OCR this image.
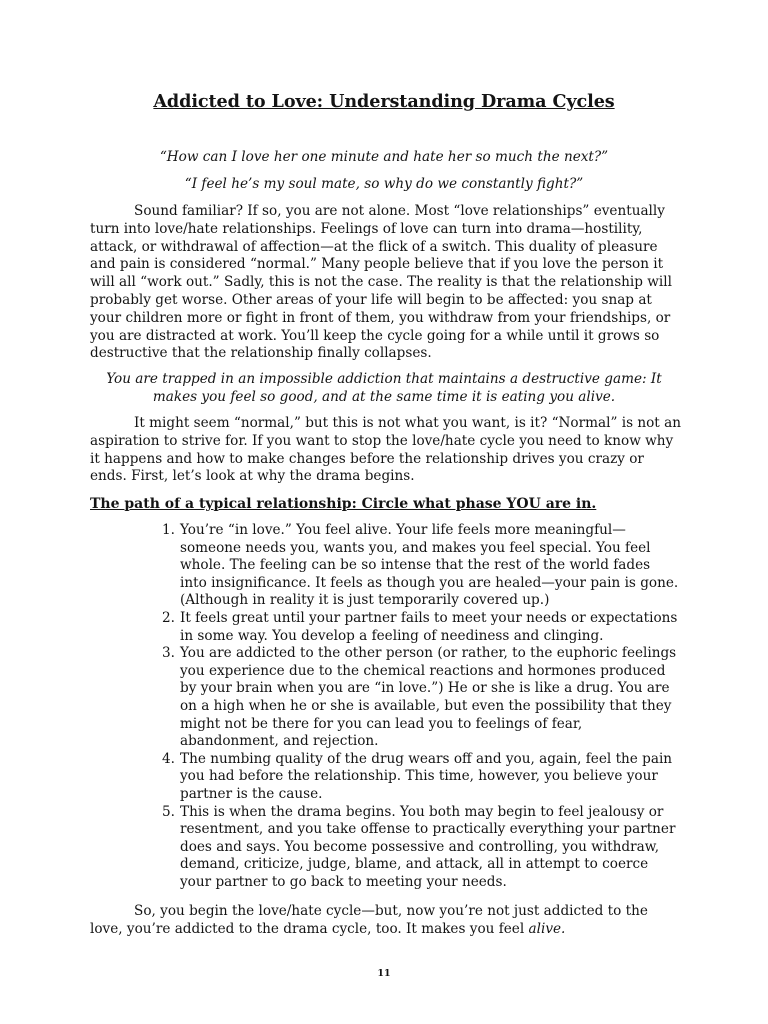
Addicted to Love: Understanding Drama Cycles
“How can I love her one minute and hate her so much the next?”
“I feel he’s my soul mate, so why do we constantly fight?”

Sound familiar? If so, you are not alone. Most “love relationships” eventually turn into love/hate relationships. Feelings of love can turn into drama—hostility, attack, or withdrawal of affection—at the flick of a switch. This duality of pleasure and pain is considered “normal.” Many people believe that if you love the person it will all “work out.” Sadly, this is not the case. The reality is that the relationship will probably get worse. Other areas of your life will begin to be affected: you snap at your children more or fight in front of them, you withdraw from your friendships, or you are distracted at work. You’ll keep the cycle going for a while until it grows so destructive that the relationship finally collapses.

You are trapped in an impossible addiction that maintains a destructive game: It makes you feel so good, and at the same time it is eating you alive.

It might seem “normal,” but this is not what you want, is it? “Normal” is not an aspiration to strive for. If you want to stop the love/hate cycle you need to know why it happens and how to make changes before the relationship drives you crazy or ends. First, let’s look at why the drama begins.

The path of a typical relationship: Circle what phase YOU are in.
1. You’re “in love.” You feel alive. Your life feels more meaningful—someone needs you, wants you, and makes you feel special. You feel whole. The feeling can be so intense that the rest of the world fades into insignificance. It feels as though you are healed—your pain is gone. (Although in reality it is just temporarily covered up.)
2. It feels great until your partner fails to meet your needs or expectations in some way. You develop a feeling of neediness and clinging.
3. You are addicted to the other person (or rather, to the euphoric feelings you experience due to the chemical reactions and hormones produced by your brain when you are “in love.”) He or she is like a drug. You are on a high when he or she is available, but even the possibility that they might not be there for you can lead you to feelings of fear, abandonment, and rejection.
4. The numbing quality of the drug wears off and you, again, feel the pain you had before the relationship. This time, however, you believe your partner is the cause.
5. This is when the drama begins. You both may begin to feel jealousy or resentment, and you take offense to practically everything your partner does and says. You become possessive and controlling, you withdraw, demand, criticize, judge, blame, and attack, all in attempt to coerce your partner to go back to meeting your needs.

So, you begin the love/hate cycle—but, now you’re not just addicted to the love, you’re addicted to the drama cycle, too. It makes you feel alive.

11
